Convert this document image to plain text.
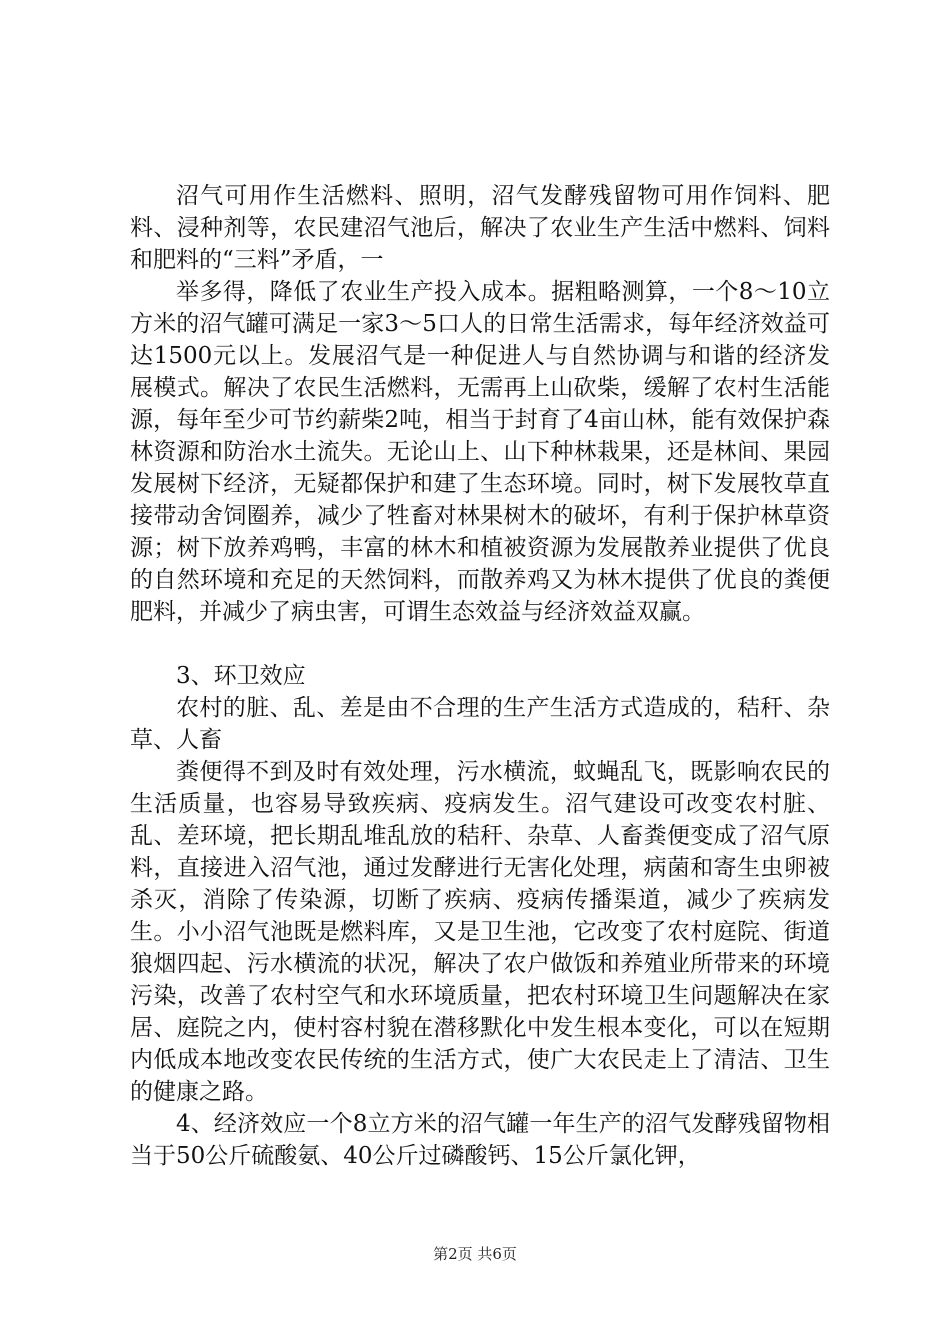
沼气可用作生活燃料、照明，沼气发酵残留物可用作饲料、肥料、浸种剂等，农民建沼气池后，解决了农业生产生活中燃料、饲料和肥料的“三料”矛盾，一

举多得，降低了农业生产投入成本。据粗略测算，一个8～10立方米的沼气罐可满足一家3～5口人的日常生活需求，每年经济效益可达1500元以上。发展沼气是一种促进人与自然协调与和谐的经济发展模式。解决了农民生活燃料，无需再上山砍柴，缓解了农村生活能源，每年至少可节约薪柴2吨，相当于封育了4亩山林，能有效保护森林资源和防治水土流失。无论山上、山下种林栽果，还是林间、果园发展树下经济，无疑都保护和建了生态环境。同时，树下发展牧草直接带动舍饲圈养，减少了牲畜对林果树木的破坏，有利于保护林草资源；树下放养鸡鸭，丰富的林木和植被资源为发展散养业提供了优良的自然环境和充足的天然饲料，而散养鸡又为林木提供了优良的粪便肥料，并减少了病虫害，可谓生态效益与经济效益双赢。

3、环卫效应

农村的脏、乱、差是由不合理的生产生活方式造成的，秸秆、杂草、人畜

粪便得不到及时有效处理，污水横流，蚊蝇乱飞，既影响农民的生活质量，也容易导致疾病、疫病发生。沼气建设可改变农村脏、乱、差环境，把长期乱堆乱放的秸秆、杂草、人畜粪便变成了沼气原料，直接进入沼气池，通过发酵进行无害化处理，病菌和寄生虫卵被杀灭，消除了传染源，切断了疾病、疫病传播渠道，减少了疾病发生。小小沼气池既是燃料库，又是卫生池，它改变了农村庭院、街道狼烟四起、污水横流的状况，解决了农户做饭和养殖业所带来的环境污染，改善了农村空气和水环境质量，把农村环境卫生问题解决在家居、庭院之内，使村容村貌在潜移默化中发生根本变化，可以在短期内低成本地改变农民传统的生活方式，使广大农民走上了清洁、卫生的健康之路。

4、经济效应一个8立方米的沼气罐一年生产的沼气发酵残留物相当于50公斤硫酸氨、40公斤过磷酸钙、15公斤氯化钾，

第2页 共6页
